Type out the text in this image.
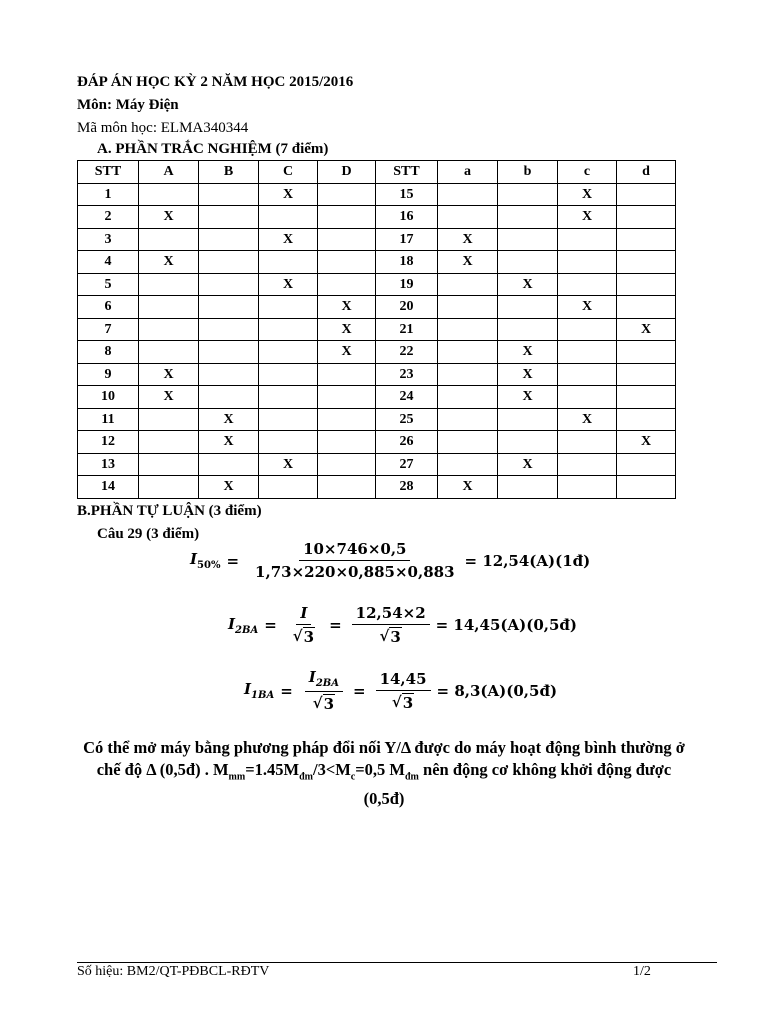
ĐÁP ÁN HỌC KỲ 2 NĂM HỌC 2015/2016
Môn: Máy Điện
Mã môn học: ELMA340344
A. PHẦN TRẮC NGHIỆM (7 điểm)
STT	A	B	C	D	STT	a	b	c	d
1			X		15			X	
2	X				16			X	
3			X		17	X			
4	X				18	X			
5			X		19		X		
6				X	20			X	
7				X	21				X
8				X	22		X		
9	X				23		X		
10	X				24		X		
11		X			25			X	
12		X			26				X
13			X		27		X		
14		X			28	X			
B.PHẦN TỰ LUẬN (3 điểm)
Câu 29 (3 điểm)
$I_{50\%} = \frac{10\times 746\times 0,5}{1,73\times 220\times 0,885\times 0,883}$ = 12,54(A)(1đ)
$I_{2BA} = \frac{I}{√ 3} = \frac{12,54\times 2}{√ 3}$ = 14,45(A)(0,5đ)
$I_{1BA} = \frac{I_{2BA}}{√ 3} = \frac{14,45}{√ 3}$ = 8,3(A)(0,5đ)
Có thể mở máy bằng phương pháp đổi nối Y/Δ được do máy hoạt động bình thường ở chế độ Δ (0,5đ) . $M_{mm}=1.45M_{đm}/3<M_c=0,5$ $M_{đm}$ nên động cơ không khởi động được (0,5đ)
Số hiệu: BM2/QT-PĐBCL-RĐTV	1/2
